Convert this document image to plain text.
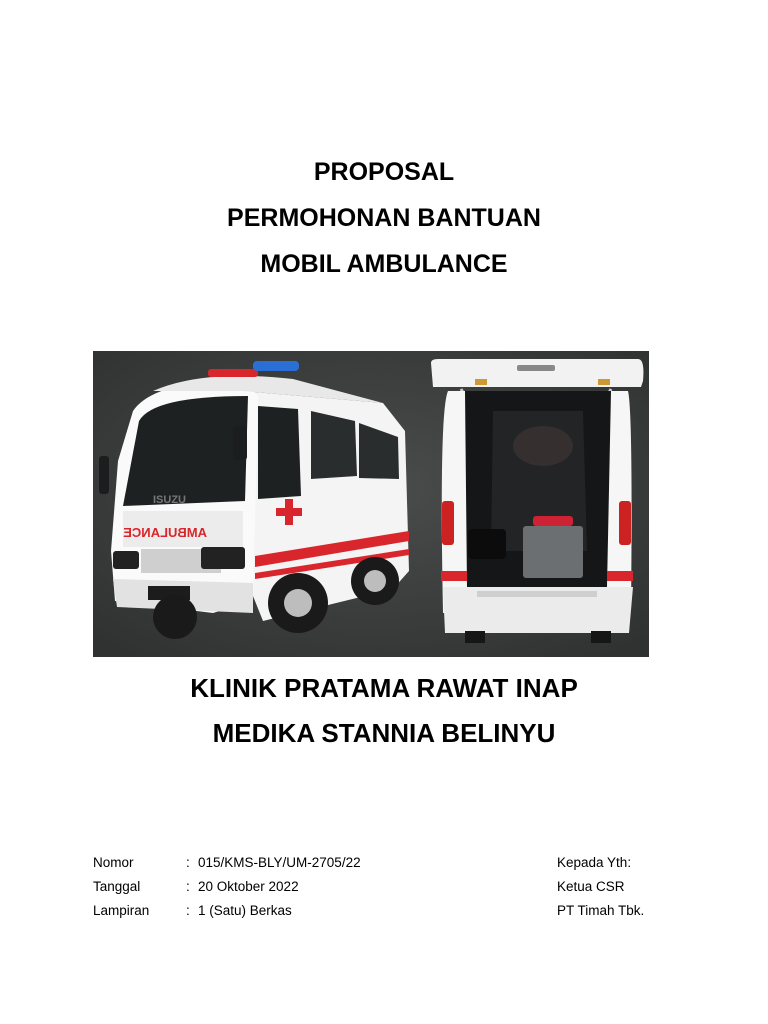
PROPOSAL
PERMOHONAN BANTUAN
MOBIL AMBULANCE
ISUZU
AMBULANCE
KLINIK PRATAMA RAWAT INAP
MEDIKA STANNIA BELINYU
Nomor	: 015/KMS-BLY/UM-2705/22
Tanggal	: 20 Oktober 2022
Lampiran	: 1 (Satu) Berkas
Kepada Yth:
Ketua CSR
PT Timah Tbk.
